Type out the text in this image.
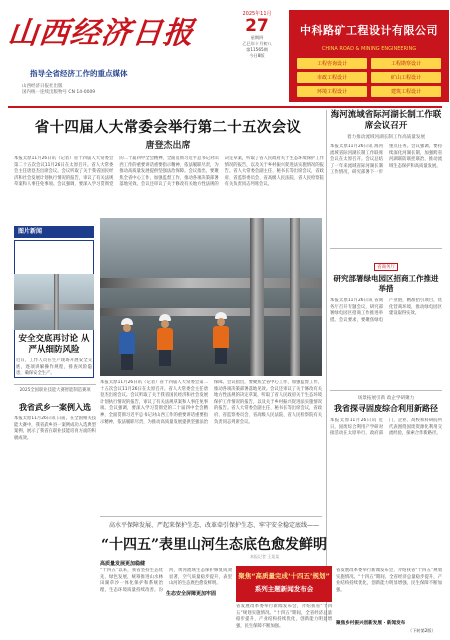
山西经济日报
指导全省经济工作的重点媒体
山西经济日报社出版
国内统一连续出版物号 CN 14-0009
2025年11月
27
星期四
乙巳年十月初八
第11565期
今日8版
中科路矿工程设计有限公司
CHINA ROAD & MINING ENGINEERING
工程咨询设计	工程勘察设计
市政工程设计	矿山工程设计
环境工程设计	建筑工程设计
省十四届人大常委会举行第二十五次会议
唐登杰出席
本报太原11月26日讯（记者）省十四届人大常委会第二十五次会议11月26日在太原召开。省人大常委会主任唐登杰出席会议。会议听取了关于我省国民经济和社会发展计划执行情况的报告，审议了有关法规草案和人事任免事项。会议强调，要深入学习贯彻党的二十届四中全会精神，全面贯彻习近平总书记对山西工作的重要讲话重要指示精神，依法履职尽责，为推动高质量发展提供坚强法治保障。会议指出，要聚焦全省中心工作，加强监督工作，推动各项决策部署落地见效。会议还审议了关于修改有关地方性法规的决定草案，听取了省人民政府关于生态环境保护工作情况的报告，以及关于乡村振兴促进法实施情况的报告。省人大常委会副主任、秘书长等出席会议，省政府、省监察委员会、省高级人民法院、省人民检察院有关负责同志列席会议。
图片新闻
安全交底再讨论 从严从细防风险
近日，工作人员在生产现场开展安全交底，逐项讲解操作规程，排查风险隐患，确保安全生产。
本报太原11月26日讯（记者）省十四届人大常委会第二十五次会议11月26日在太原召开。省人大常委会主任唐登杰出席会议。会议听取了关于我省国民经济和社会发展计划执行情况的报告，审议了有关法规草案和人事任免事项。会议强调，要深入学习贯彻党的二十届四中全会精神，全面贯彻习近平总书记对山西工作的重要讲话重要指示精神，依法履职尽责，为推动高质量发展提供坚强法治保障。会议指出，要聚焦全省中心工作，加强监督工作，推动各项决策部署落地见效。会议还审议了关于修改有关地方性法规的决定草案，听取了省人民政府关于生态环境保护工作情况的报告，以及关于乡村振兴促进法实施情况的报告。省人大常委会副主任、秘书长等出席会议，省政府、省监察委员会、省高级人民法院、省人民检察院有关负责同志列席会议。
海河流域省际河湖长制工作联席会议召开
着力推动流域河湖长制工作高质量发展
本报太原11月26日讯 海河流域省际河湖长制工作联席会议在太原召开。会议总结了一年来流域省际河湖长制工作情况，研究部署下一步重点任务。会议强调，要持续深化河湖长制，加强跨省河湖联防联控联治，推动流域生态保护和高质量发展。
省商务厅
研究部署绿电园区招商工作推进举措
本报太原11月26日讯 省商务厅召开专题会议，研究部署绿电园区招商工作推进举措。会议要求，要聚焦绿电产业链，精准招引项目，优化营商环境，推动绿电园区建设取得实效。
场景拓展引新 政企学研聚力
我省探寻固废综合利用新路径
本报太原11月26日讯 近日，固废综合利用产学研对接活动在太原举行，政府部门、企业、高校和科研院所代表围绕固废资源化利用交流经验，探索合作新路径。
2025全国职业技能大赛智能制造赛项
我省武乡一案例入选
本报太原11月26日讯 日前，在全国相关技能大赛中，我省武乡县一案例成功入选典型案例，展示了我省在职业技能培育方面的积极成效。
高水平保障发展、严起来保护生态、改革牵引保护生态、牢守安全稳定底线——
“十四五”表里山河生态底色愈发鲜明
本报记者 王某某
高质量发展更加稳健
“十四五”以来，我省坚持生态优先、绿色发展，统筹推进山水林田湖草沙一体化保护和系统治理，生态环境质量持续改善。汾河、黄河流域生态保护修复成效显著，空气质量稳步提升，表里山河的生态底色愈发鲜明。
生态安全屏障更加牢固
聚焦“高质量完成‘十四五’规划”
系列主题新闻发布会
省发展改革委举行新闻发布会，介绍我省“十四五”规划实施情况。“十四五”期间，全省经济总量稳步提升，产业结构持续优化，创新能力明显增强，民生保障不断加强。
省发展改革委举行新闻发布会，介绍我省“十四五”规划实施情况。“十四五”期间，全省经济总量稳步提升，产业结构持续优化，创新能力明显增强，民生保障不断加强。
聚焦乡村振兴创新发展 · 新闻发布
（下转第2版）
